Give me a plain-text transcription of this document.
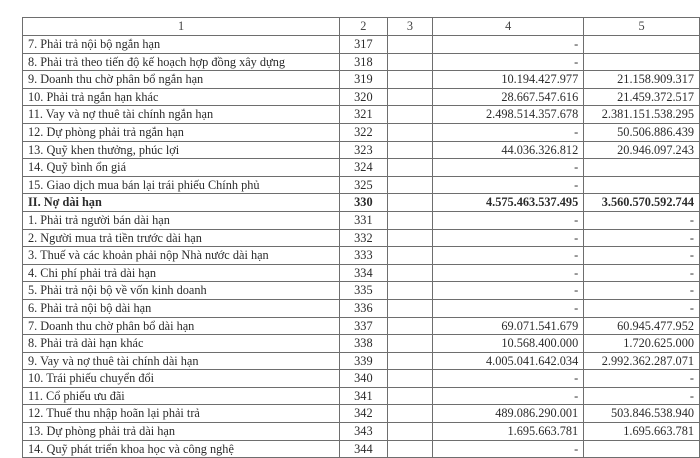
1	2	3	4	5
7. Phải trả nội bộ ngắn hạn	317		-	
8. Phải trả theo tiến độ kế hoạch hợp đồng xây dựng	318		-	
9. Doanh thu chờ phân bổ ngắn hạn	319		10.194.427.977	21.158.909.317
10. Phải trả ngắn hạn khác	320		28.667.547.616	21.459.372.517
11. Vay và nợ thuê tài chính ngắn hạn	321		2.498.514.357.678	2.381.151.538.295
12. Dự phòng phải trả ngắn hạn	322		-	50.506.886.439
13. Quỹ khen thưởng, phúc lợi	323		44.036.326.812	20.946.097.243
14. Quỹ bình ổn giá	324		-	
15. Giao dịch mua bán lại trái phiếu Chính phủ	325		-	
II. Nợ dài hạn	330		4.575.463.537.495	3.560.570.592.744
1. Phải trả người bán dài hạn	331		-	-
2. Người mua trả tiền trước dài hạn	332		-	-
3. Thuế và các khoản phải nộp Nhà nước dài hạn	333		-	-
4. Chi phí phải trả dài hạn	334		-	-
5. Phải trả nội bộ về vốn kinh doanh	335		-	-
6. Phải trả nội bộ dài hạn	336		-	-
7. Doanh thu chờ phân bổ dài hạn	337		69.071.541.679	60.945.477.952
8. Phải trả dài hạn khác	338		10.568.400.000	1.720.625.000
9. Vay và nợ thuê tài chính dài hạn	339		4.005.041.642.034	2.992.362.287.071
10. Trái phiếu chuyển đổi	340		-	-
11. Cổ phiếu ưu đãi	341		-	-
12. Thuế thu nhập hoãn lại phải trả	342		489.086.290.001	503.846.538.940
13. Dự phòng phải trả dài hạn	343		1.695.663.781	1.695.663.781
14. Quỹ phát triển khoa học và công nghệ	344		-	
